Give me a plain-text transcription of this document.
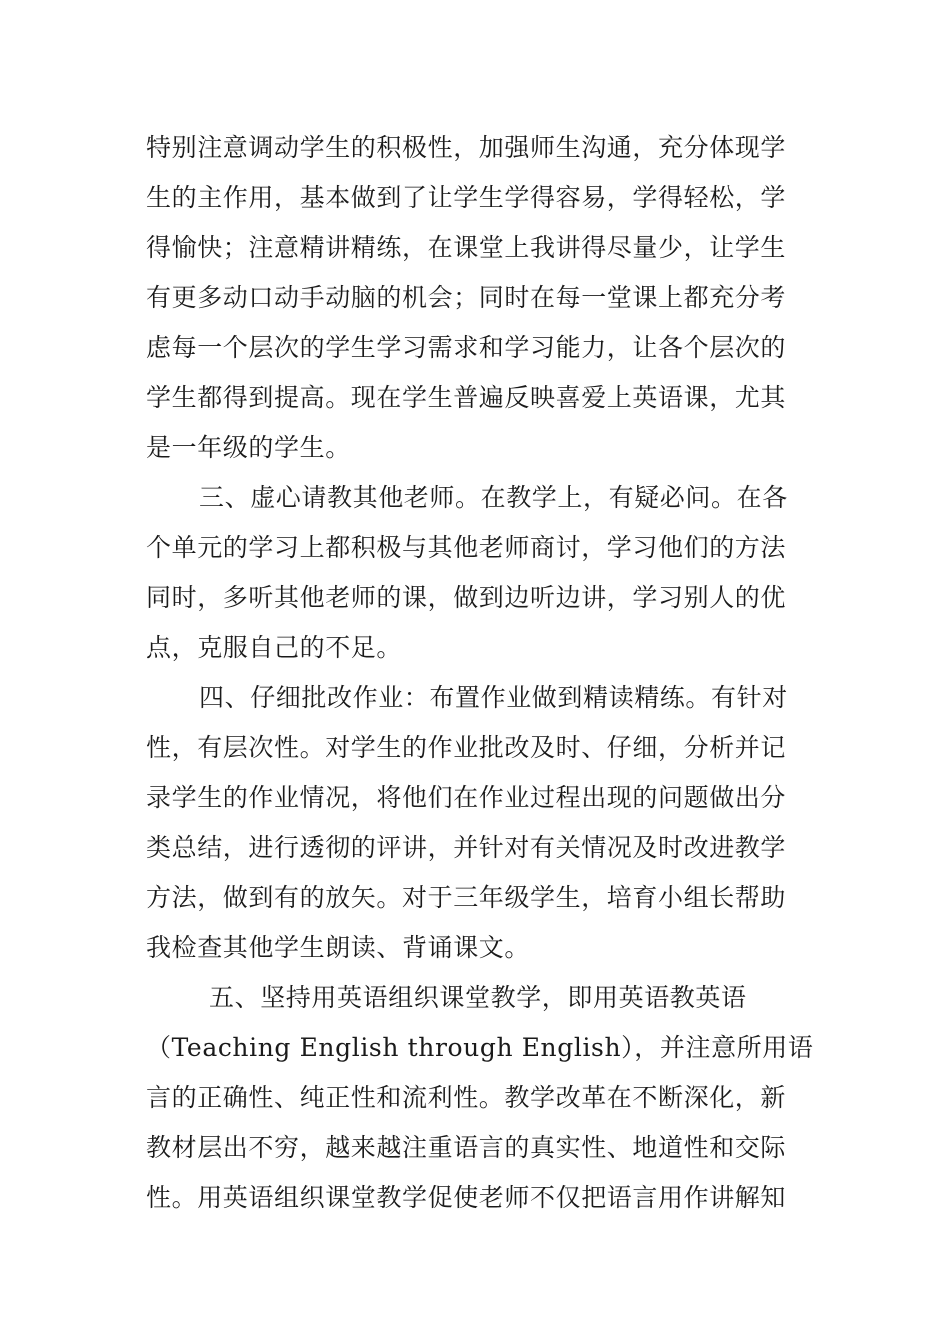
特别注意调动学生的积极性，加强师生沟通，充分体现学
生的主作用，基本做到了让学生学得容易，学得轻松，学
得愉快；注意精讲精练，在课堂上我讲得尽量少，让学生
有更多动口动手动脑的机会；同时在每一堂课上都充分考
虑每一个层次的学生学习需求和学习能力，让各个层次的
学生都得到提高。现在学生普遍反映喜爱上英语课，尤其
是一年级的学生。
三、虚心请教其他老师。在教学上，有疑必问。在各
个单元的学习上都积极与其他老师商讨，学习他们的方法
同时，多听其他老师的课，做到边听边讲，学习别人的优
点，克服自己的不足。
四、仔细批改作业：布置作业做到精读精练。有针对
性，有层次性。对学生的作业批改及时、仔细，分析并记
录学生的作业情况，将他们在作业过程出现的问题做出分
类总结，进行透彻的评讲，并针对有关情况及时改进教学
方法，做到有的放矢。对于三年级学生，培育小组长帮助
我检查其他学生朗读、背诵课文。
五、坚持用英语组织课堂教学，即用英语教英语
（Teaching English through English），并注意所用语
言的正确性、纯正性和流利性。教学改革在不断深化，新
教材层出不穷，越来越注重语言的真实性、地道性和交际
性。用英语组织课堂教学促使老师不仅把语言用作讲解知
